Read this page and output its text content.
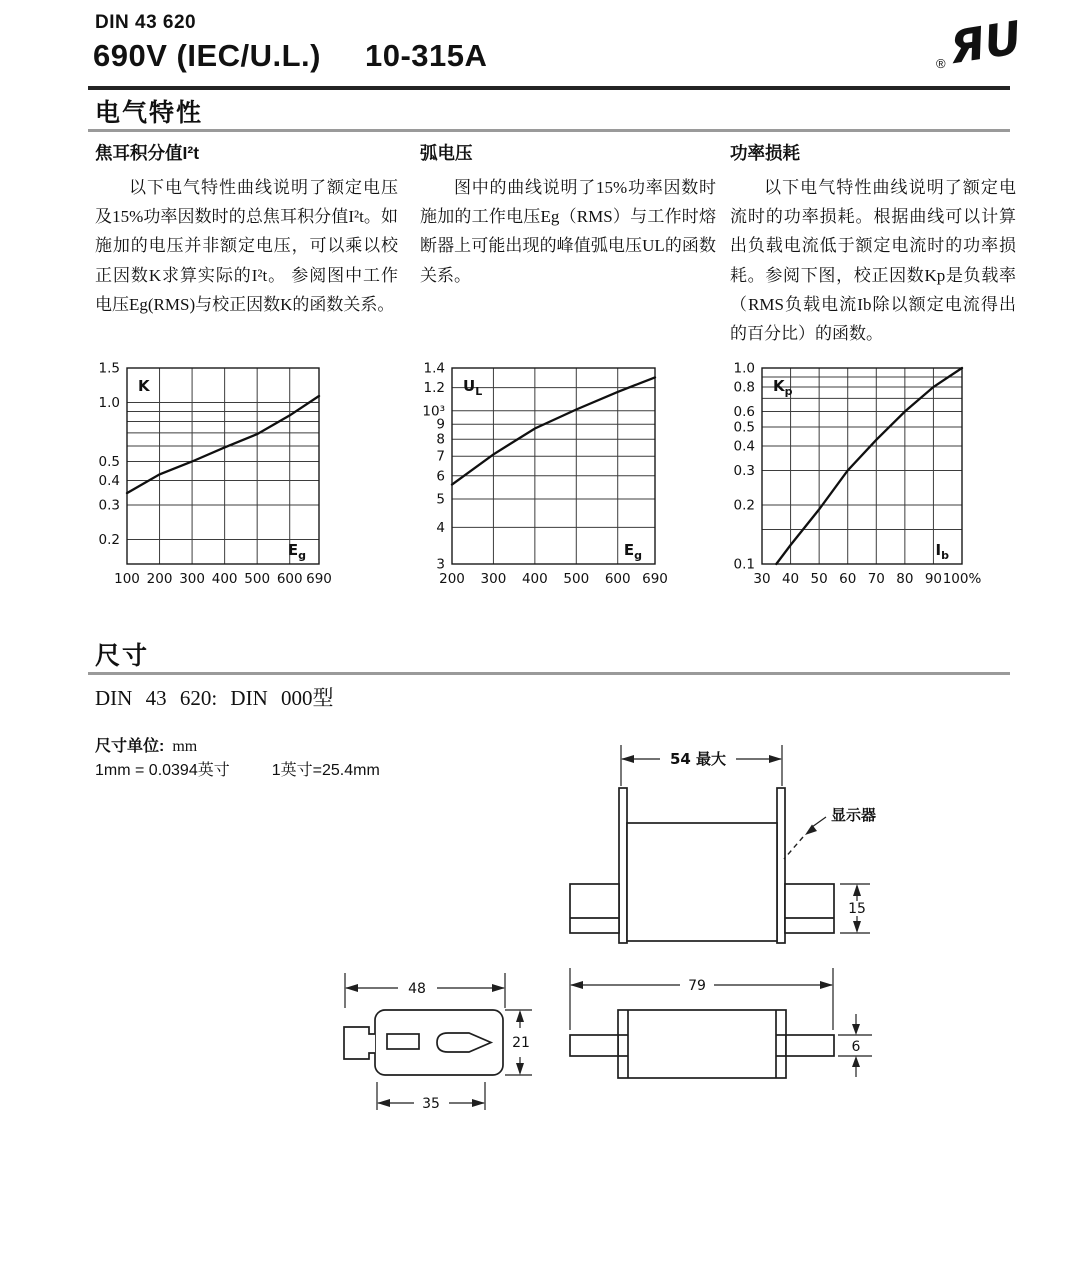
DIN 43 620
690V (IEC/U.L.) 10-315A	® ЯU
电气特性
焦耳积分值I²t

以下电气特性曲线说明了额定电压及15%功率因数时的总焦耳积分值I²t。如施加的电压并非额定电压，可以乘以校正因数K求算实际的I²t。 参阅图中工作电压Eg(RMS)与校正因数K的函数关系。

弧电压

图中的曲线说明了15%功率因数时施加的工作电压Eg（RMS）与工作时熔断器上可能出现的峰值弧电压UL的函数关系。

功率损耗

以下电气特性曲线说明了额定电流时的功率损耗。根据曲线可以计算出负载电流低于额定电流时的功率损耗。参阅下图，校正因数Kp是负载率（RMS负载电流Ib除以额定电流得出的百分比）的函数。

100 200 300 400 500 600 690
1.5
1.0
0.5
0.4
0.3
0.2
K
$E_g$
200 300 400 500 600 690
1.4
1.2
10³
9
8
7
6
5
4
3
$U_L$
$E_g$
30 40 50 60 70 80 90 100%
1.0
0.8
0.6
0.5
0.4
0.3
0.2
0.1
$K_p$
$I_b$
尺寸
DIN 43 620: DIN 000型
尺寸单位: mm
1mm = 0.0394英寸	1英寸=25.4mm
54 最大
显示器
15
48
21
35
79
6
